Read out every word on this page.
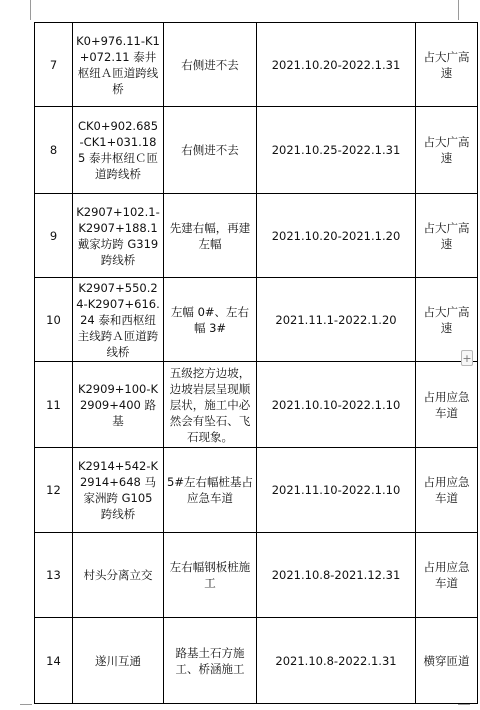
7	K0+976.11-K1+072.11 泰井枢纽Ａ匝道跨线桥	右侧进不去	2021.10.20-2022.1.31	占大广高速
8	CK0+902.685-CK1+031.185 泰井枢纽Ｃ匝道跨线桥	右侧进不去	2021.10.25-2022.1.31	占大广高速
9	K2907+102.1-K2907+188.1 戴家坊跨 G319 跨线桥	先建右幅，再建左幅	2021.10.20-2021.1.20	占大广高速
10	K2907+550.24-K2907+616.24 泰和西枢纽主线跨Ａ匝道跨线桥	左幅 0#、左右幅 3#	2021.11.1-2022.1.20	占大广高速
11	K2909+100-K2909+400 路基	五级挖方边坡，边坡岩层呈现顺层状，施工中必然会有坠石、飞石现象。	2021.10.10-2022.1.10	占用应急车道
12	K2914+542-K2914+648 马家洲跨 G105 跨线桥	5#左右幅桩基占应急车道	2021.11.10-2022.1.10	占用应急车道
13	村头分离立交	左右幅钢板桩施工	2021.10.8-2021.12.31	占用应急车道
14	遂川互通	路基土石方施工、桥涵施工	2021.10.8-2022.1.31	横穿匝道
+
